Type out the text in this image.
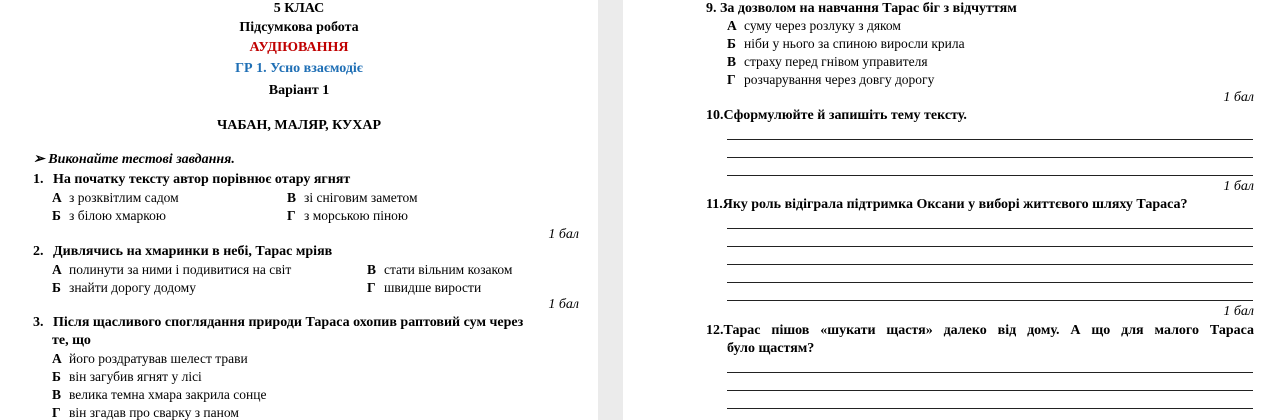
5 КЛАС
Підсумкова робота
АУДІЮВАННЯ
ГР 1. Усно взаємодіє
Варіант 1
ЧАБАН, МАЛЯР, КУХАР
➢ Виконайте тестові завдання.
1. На початку тексту автор порівнює отару ягнят
А з розквітлим садом	В зі сніговим заметом
Б з білою хмаркою	Г з морською піною
1 бал
2. Дивлячись на хмаринки в небі, Тарас мріяв
А полинути за ними і подивитися на світ	В стати вільним козаком
Б знайти дорогу додому	Г швидше вирости
1 бал
3. Після щасливого споглядання природи Тараса охопив раптовий сум через
те, що
А його роздратував шелест трави
Б він загубив ягнят у лісі
В велика темна хмара закрила сонце
Г він згадав про сварку з паном
9. За дозволом на навчання Тарас біг з відчуттям
А суму через розлуку з дяком
Б ніби у нього за спиною виросли крила
В страху перед гнівом управителя
Г розчарування через довгу дорогу
1 бал
10.Сформулюйте й запишіть тему тексту.
1 бал
11.Яку роль відіграла підтримка Оксани у виборі життєвого шляху Тараса?
1 бал
12.Тарас пішов «шукати щастя» далеко від дому. А що для малого Тараса
було щастям?
